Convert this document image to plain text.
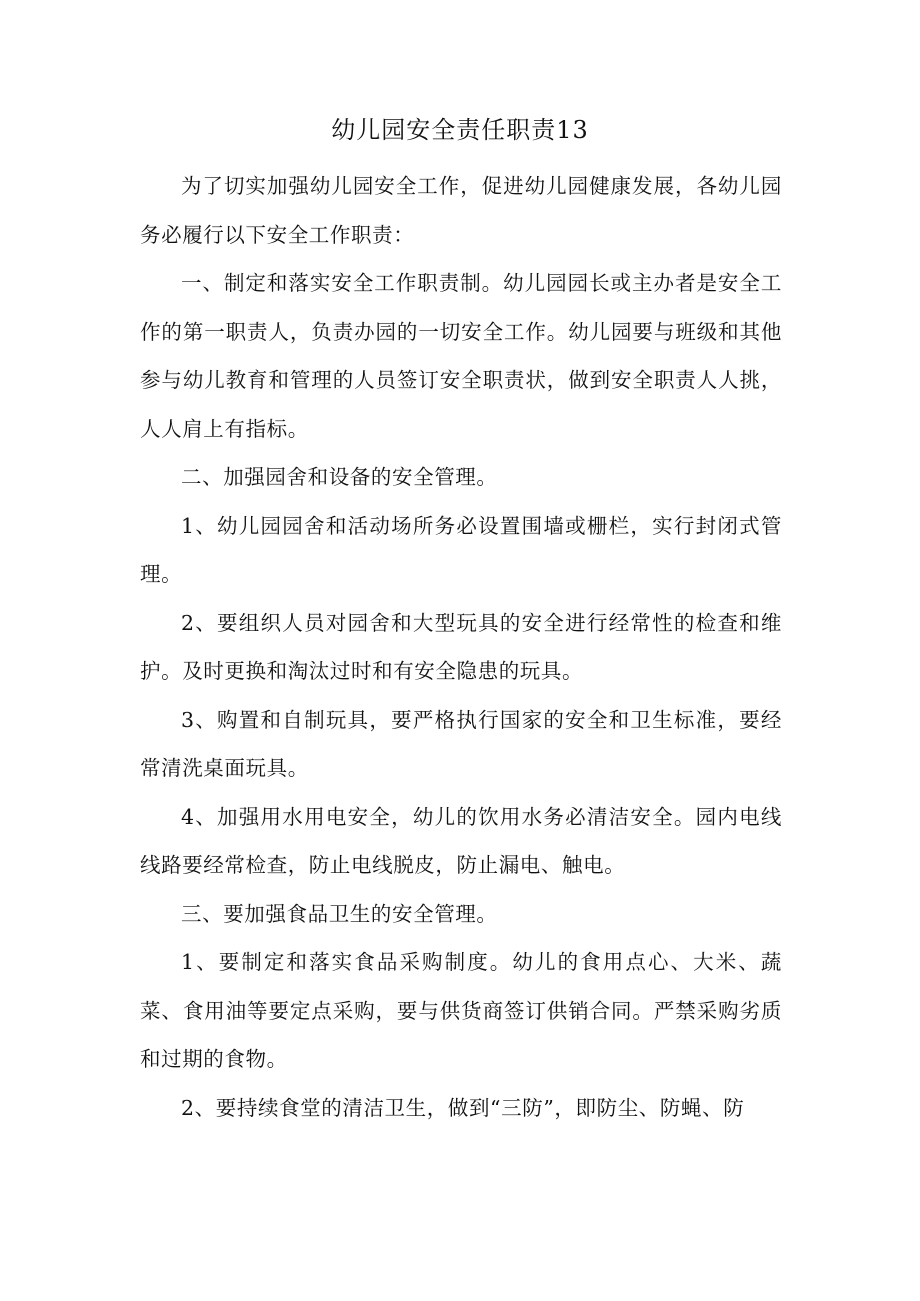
幼儿园安全责任职责13

为了切实加强幼儿园安全工作，促进幼儿园健康发展，各幼儿园务必履行以下安全工作职责：

一、制定和落实安全工作职责制。幼儿园园长或主办者是安全工作的第一职责人，负责办园的一切安全工作。幼儿园要与班级和其他参与幼儿教育和管理的人员签订安全职责状，做到安全职责人人挑，人人肩上有指标。

二、加强园舍和设备的安全管理。

1、幼儿园园舍和活动场所务必设置围墙或栅栏，实行封闭式管理。

2、要组织人员对园舍和大型玩具的安全进行经常性的检查和维护。及时更换和淘汰过时和有安全隐患的玩具。

3、购置和自制玩具，要严格执行国家的安全和卫生标准，要经常清洗桌面玩具。

4、加强用水用电安全，幼儿的饮用水务必清洁安全。园内电线线路要经常检查，防止电线脱皮，防止漏电、触电。

三、要加强食品卫生的安全管理。

1、要制定和落实食品采购制度。幼儿的食用点心、大米、蔬菜、食用油等要定点采购，要与供货商签订供销合同。严禁采购劣质和过期的食物。

2、要持续食堂的清洁卫生，做到“三防”，即防尘、防蝇、防
